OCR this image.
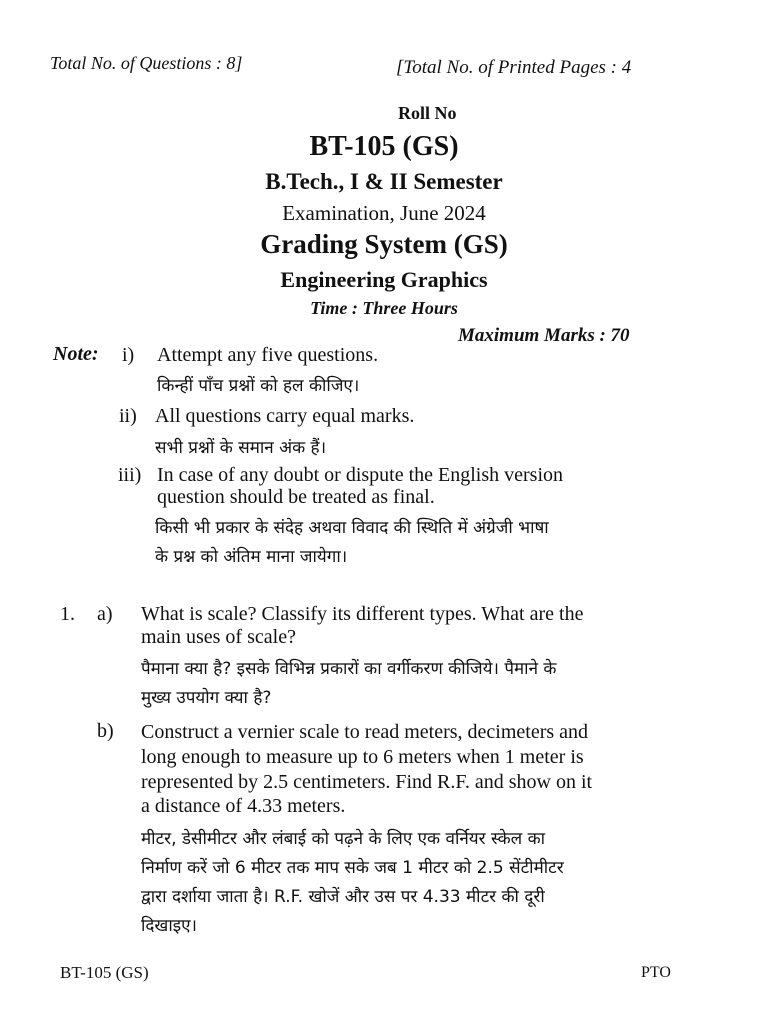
Total No. of Questions : 8]	[Total No. of Printed Pages : 4
Roll No
BT-105 (GS)
B.Tech., I & II Semester
Examination, June 2024
Grading System (GS)
Engineering Graphics
Time : Three Hours
Maximum Marks : 70
Note: i) Attempt any five questions.
किन्हीं पाँच प्रश्नों को हल कीजिए।
ii) All questions carry equal marks.
सभी प्रश्नों के समान अंक हैं।
iii) In case of any doubt or dispute the English version
question should be treated as final.
किसी भी प्रकार के संदेह अथवा विवाद की स्थिति में अंग्रेजी भाषा
के प्रश्न को अंतिम माना जायेगा।
1. a) What is scale? Classify its different types. What are the
main uses of scale?
पैमाना क्या है? इसके विभिन्न प्रकारों का वर्गीकरण कीजिये। पैमाने के
मुख्य उपयोग क्या है?
b) Construct a vernier scale to read meters, decimeters and
long enough to measure up to 6 meters when 1 meter is
represented by 2.5 centimeters. Find R.F. and show on it
a distance of 4.33 meters.
मीटर, डेसीमीटर और लंबाई को पढ़ने के लिए एक वर्नियर स्केल का
निर्माण करें जो 6 मीटर तक माप सके जब 1 मीटर को 2.5 सेंटीमीटर
द्वारा दर्शाया जाता है। R.F. खोजें और उस पर 4.33 मीटर की दूरी
दिखाइए।
BT-105 (GS)	PTO
